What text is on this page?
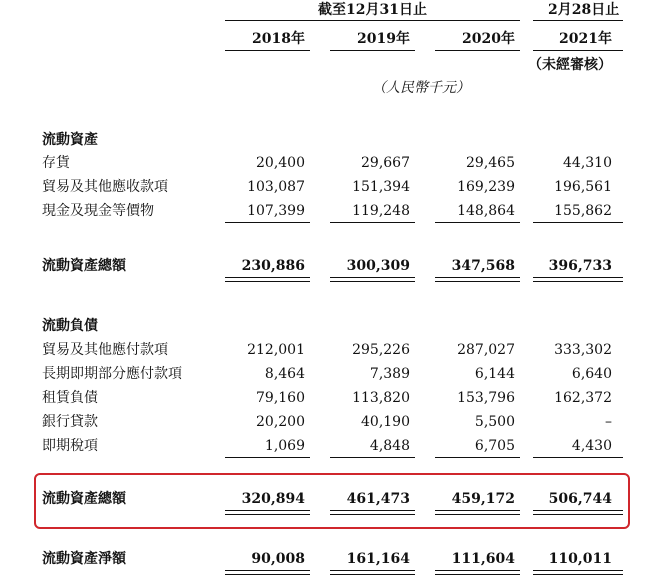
截至12月31日止	2月28日止
2018年	2019年	2020年	2021年
（未經審核）
（人民幣千元）
流動資產
存貨	20,400	29,667	29,465	44,310
貿易及其他應收款項	103,087	151,394	169,239	196,561
現金及現金等價物	107,399	119,248	148,864	155,862
流動資產總額	230,886	300,309	347,568	396,733
流動負債
貿易及其他應付款項	212,001	295,226	287,027	333,302
長期即期部分應付款項	8,464	7,389	6,144	6,640
租賃負債	79,160	113,820	153,796	162,372
銀行貸款	20,200	40,190	5,500	–
即期稅項	1,069	4,848	6,705	4,430
流動資產總額	320,894	461,473	459,172	506,744
流動資產淨額	90,008	161,164	111,604	110,011
